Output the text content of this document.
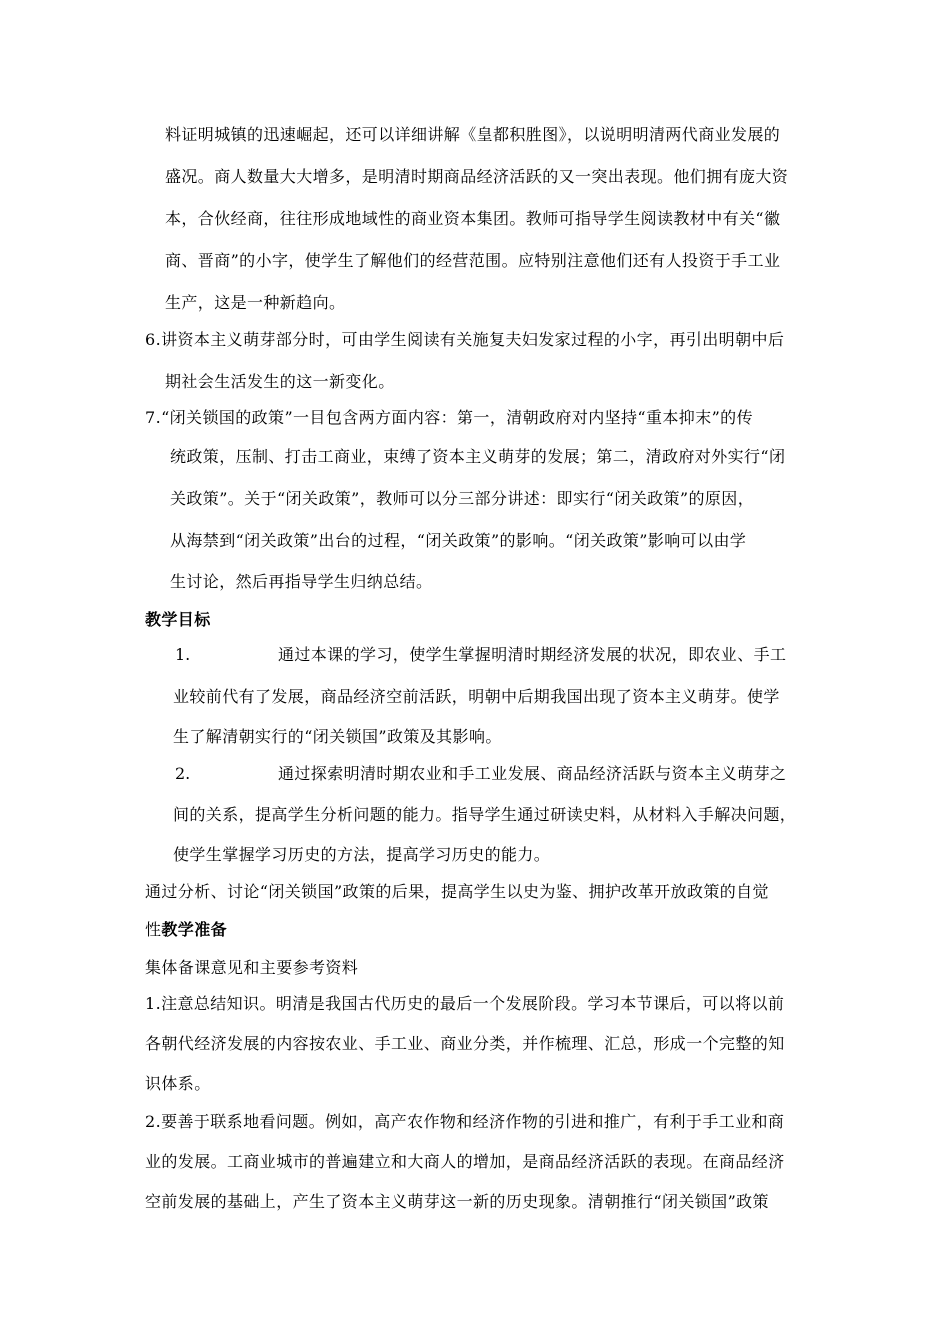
料证明城镇的迅速崛起，还可以详细讲解《皇都积胜图》，以说明明清两代商业发展的
盛况。商人数量大大增多，是明清时期商品经济活跃的又一突出表现。他们拥有庞大资
本，合伙经商，往往形成地域性的商业资本集团。教师可指导学生阅读教材中有关“徽
商、晋商”的小字，使学生了解他们的经营范围。应特别注意他们还有人投资于手工业
生产，这是一种新趋向。
6.讲资本主义萌芽部分时，可由学生阅读有关施复夫妇发家过程的小字，再引出明朝中后
期社会生活发生的这一新变化。
7.“闭关锁国的政策”一目包含两方面内容：第一，清朝政府对内坚持“重本抑末”的传
统政策，压制、打击工商业，束缚了资本主义萌芽的发展；第二，清政府对外实行“闭
关政策”。关于“闭关政策”，教师可以分三部分讲述：即实行“闭关政策”的原因，
从海禁到“闭关政策”出台的过程，“闭关政策”的影响。“闭关政策”影响可以由学
生讨论，然后再指导学生归纳总结。
教学目标
1.	通过本课的学习，使学生掌握明清时期经济发展的状况，即农业、手工
业较前代有了发展，商品经济空前活跃，明朝中后期我国出现了资本主义萌芽。使学
生了解清朝实行的“闭关锁国”政策及其影响。
2.	通过探索明清时期农业和手工业发展、商品经济活跃与资本主义萌芽之
间的关系，提高学生分析问题的能力。指导学生通过研读史料，从材料入手解决问题，
使学生掌握学习历史的方法，提高学习历史的能力。
通过分析、讨论“闭关锁国”政策的后果，提高学生以史为鉴、拥护改革开放政策的自觉
性教学准备
集体备课意见和主要参考资料
1.注意总结知识。明清是我国古代历史的最后一个发展阶段。学习本节课后，可以将以前
各朝代经济发展的内容按农业、手工业、商业分类，并作梳理、汇总，形成一个完整的知
识体系。
2.要善于联系地看问题。例如，高产农作物和经济作物的引进和推广，有利于手工业和商
业的发展。工商业城市的普遍建立和大商人的增加，是商品经济活跃的表现。在商品经济
空前发展的基础上，产生了资本主义萌芽这一新的历史现象。清朝推行“闭关锁国”政策
